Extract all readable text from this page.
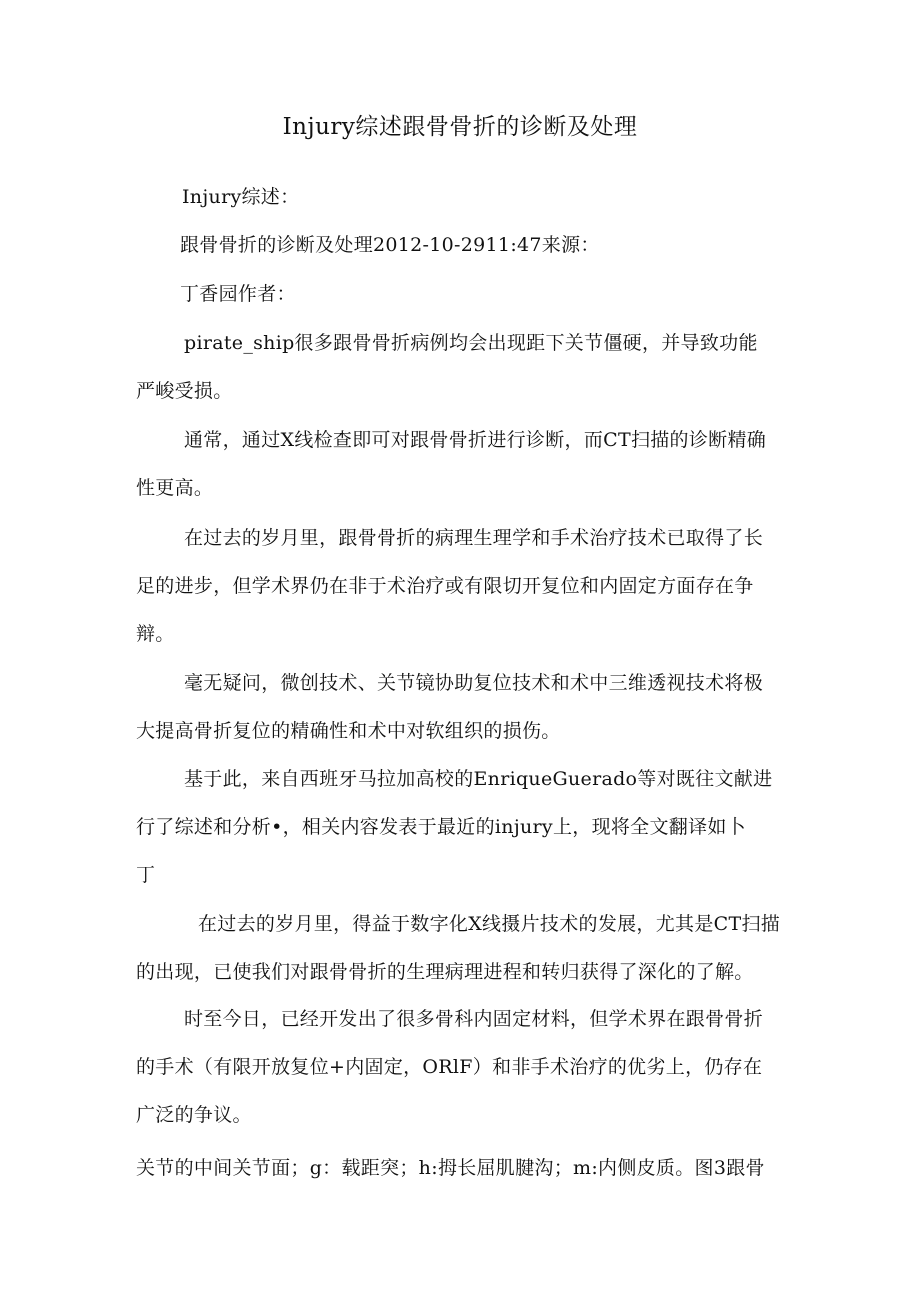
Injury综述跟骨骨折的诊断及处理

Injury综述：

跟骨骨折的诊断及处理2012-10-2911:47来源：

丁香园作者：

pirate_ship很多跟骨骨折病例均会出现距下关节僵硬，并导致功能
严峻受损。

通常，通过X线检查即可对跟骨骨折进行诊断，而CT扫描的诊断精确
性更高。

在过去的岁月里，跟骨骨折的病理生理学和手术治疗技术已取得了长
足的进步，但学术界仍在非于术治疗或有限切开复位和内固定方面存在争
辩。

毫无疑问，微创技术、关节镜协助复位技术和术中三维透视技术将极
大提高骨折复位的精确性和术中对软组织的损伤。

基于此，来自西班牙马拉加高校的EnriqueGuerado等对既往文献进
行了综述和分析•，相关内容发表于最近的injury上，现将全文翻译如卜
丁

在过去的岁月里，得益于数字化X线摄片技术的发展，尤其是CT扫描
的出现，已使我们对跟骨骨折的生理病理进程和转归获得了深化的了解。

时至今日，已经开发出了很多骨科内固定材料，但学术界在跟骨骨折
的手术（有限开放复位+内固定，ORlF）和非手术治疗的优劣上，仍存在
广泛的争议。

关节的中间关节面；g：载距突；h:拇长屈肌腱沟；m:内侧皮质。图3跟骨
